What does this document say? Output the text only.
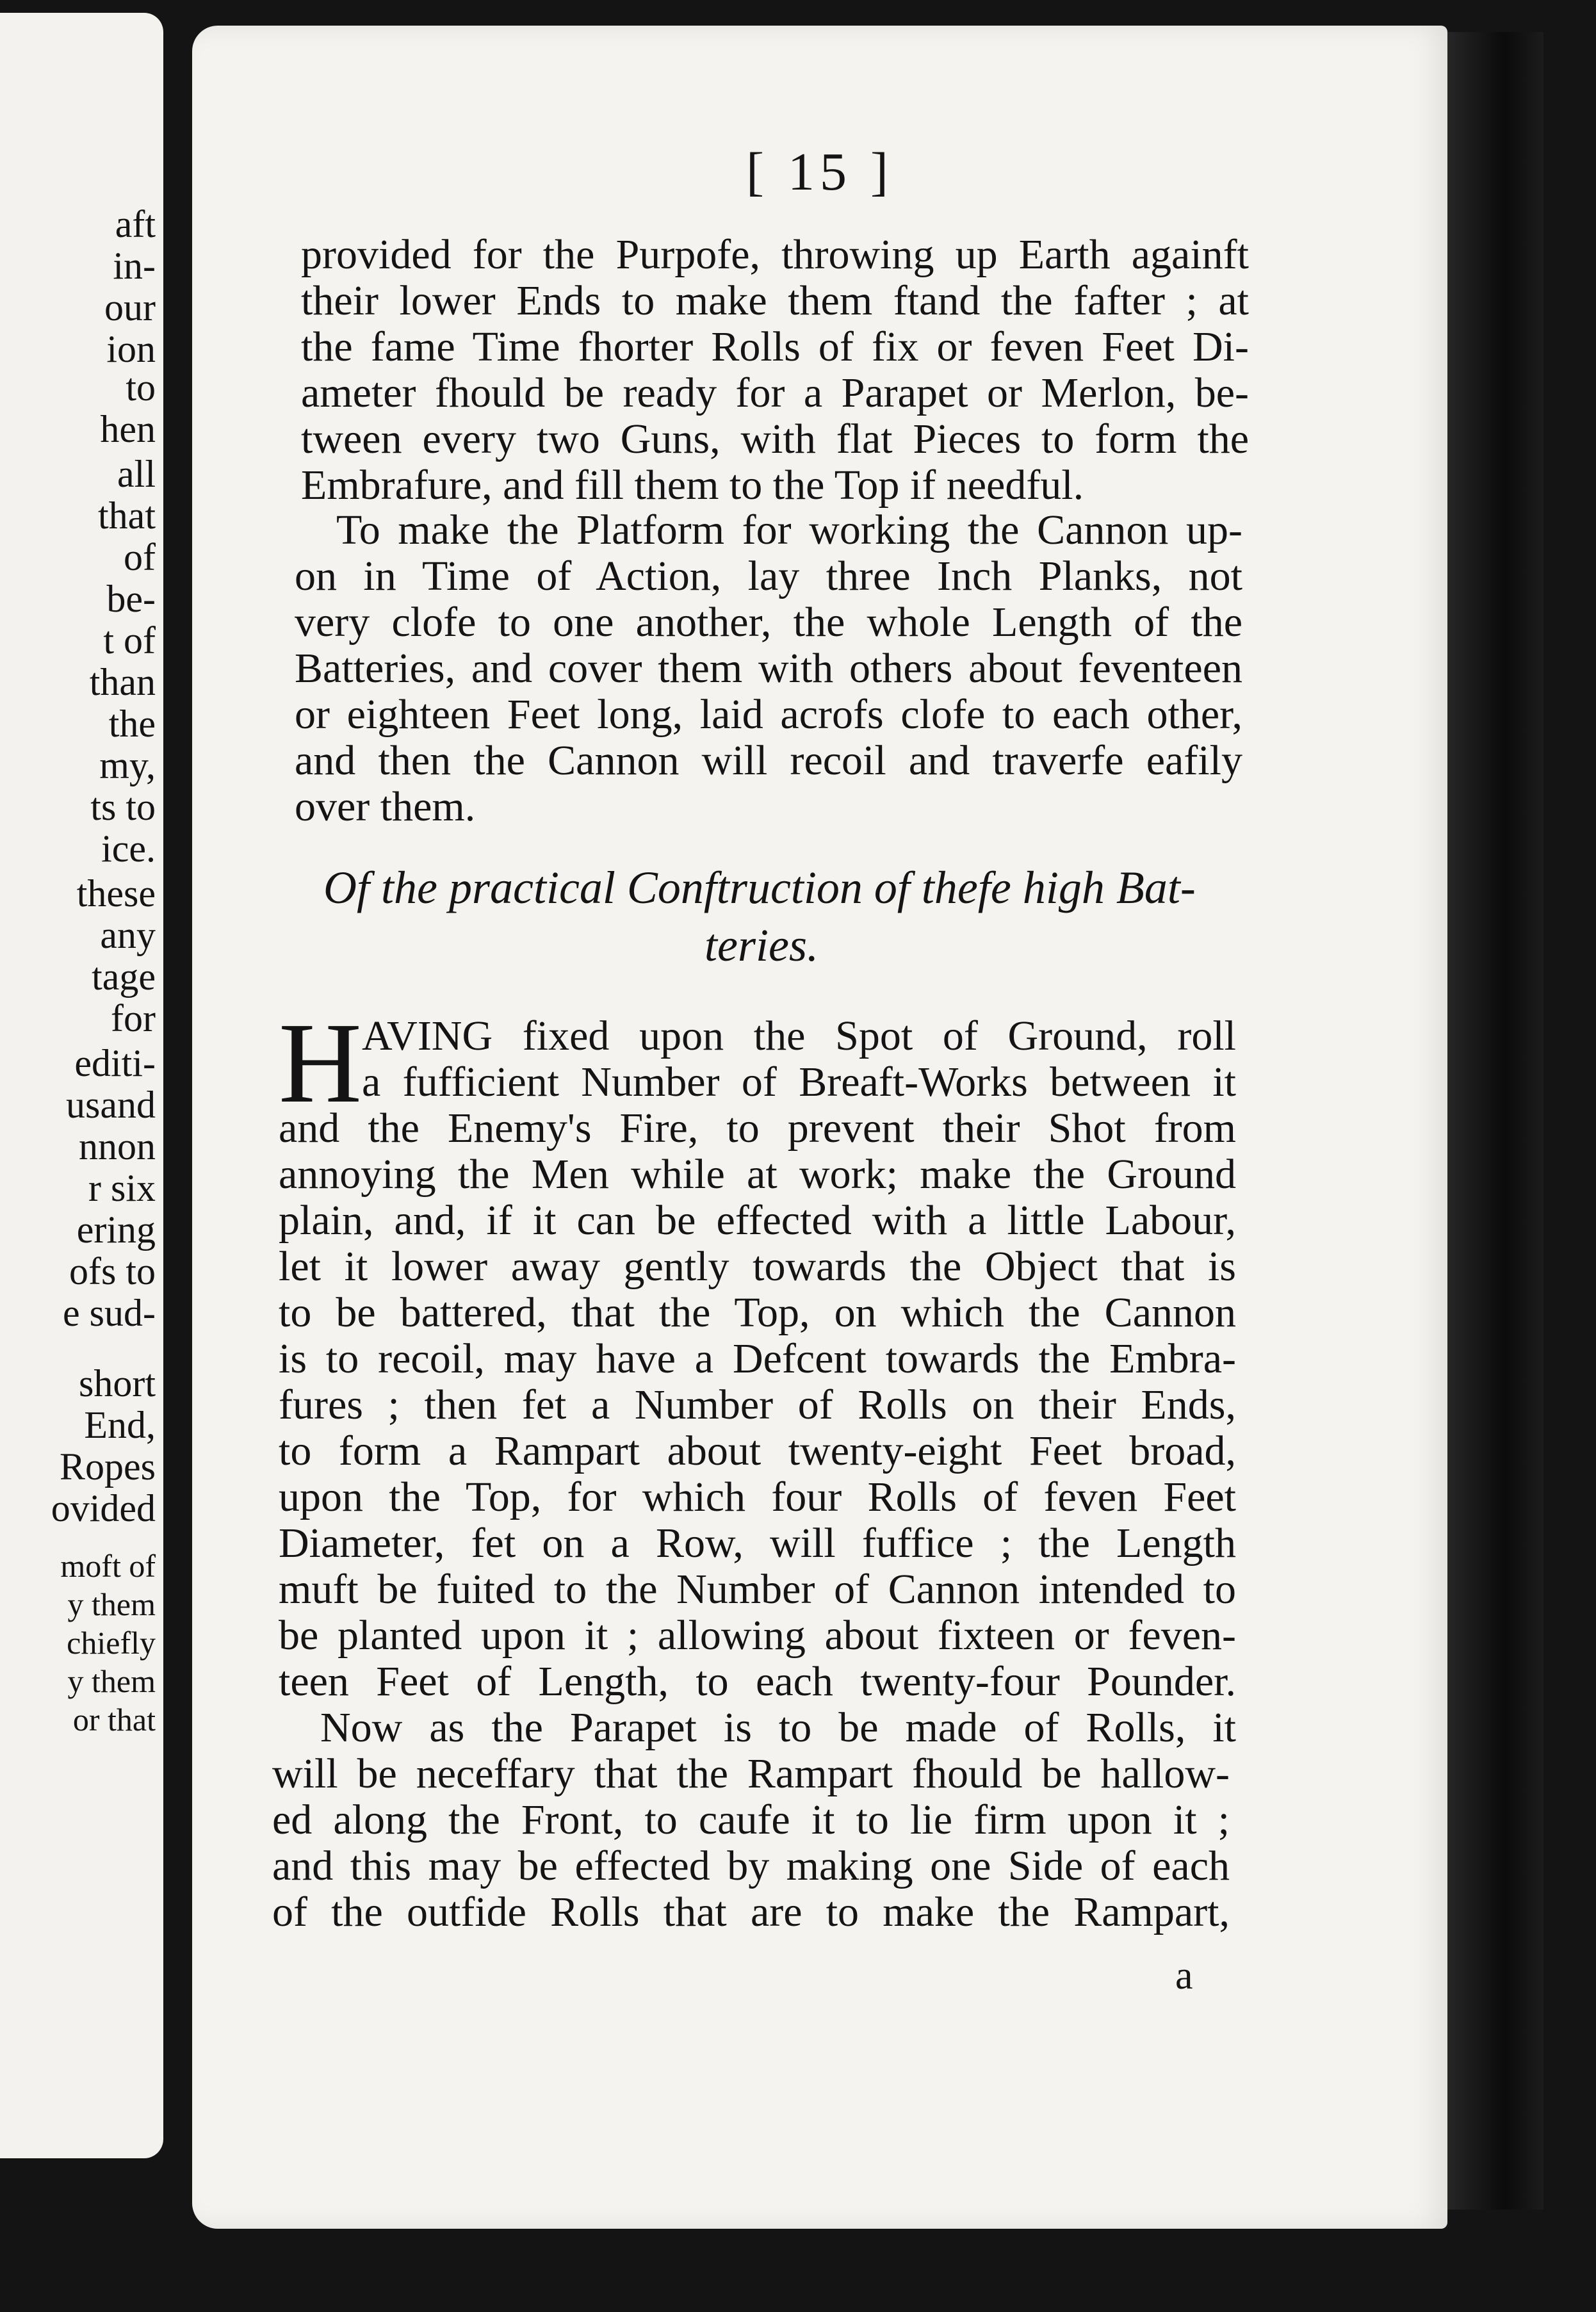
aft
in-
our
ion
to
hen
all
that
of
be-
t of
than
the
my,
ts to
ice.
these
any
tage
for
editi-
usand
nnon
r six
ering
ofs to
e sud-
short
End,
Ropes
ovided
moft of
y them
chiefly
y them
or that
[ 15 ]
H
a
provided for the Purpofe, throwing up Earth againft
their lower Ends to make them ftand the fafter ; at
the fame Time fhorter Rolls of fix or feven Feet Di-
ameter fhould be ready for a Parapet or Merlon, be-
tween every two Guns, with flat Pieces to form the
Embrafure, and fill them to the Top if needful.
To make the Platform for working the Cannon up-
on in Time of Action, lay three Inch Planks, not
very clofe to one another, the whole Length of the
Batteries, and cover them with others about feventeen
or eighteen Feet long, laid acrofs clofe to each other,
and then the Cannon will recoil and traverfe eafily
over them.
Of the practical Conftruction of thefe high Bat-
teries.
AVING fixed upon the Spot of Ground, roll
a fufficient Number of Breaft-Works between it
and the Enemy's Fire, to prevent their Shot from
annoying the Men while at work; make the Ground
plain, and, if it can be effected with a little Labour,
let it lower away gently towards the Object that is
to be battered, that the Top, on which the Cannon
is to recoil, may have a Defcent towards the Embra-
fures ; then fet a Number of Rolls on their Ends,
to form a Rampart about twenty-eight Feet broad,
upon the Top, for which four Rolls of feven Feet
Diameter, fet on a Row, will fuffice ; the Length
muft be fuited to the Number of Cannon intended to
be planted upon it ; allowing about fixteen or feven-
teen Feet of Length, to each twenty-four Pounder.
Now as the Parapet is to be made of Rolls, it
will be neceffary that the Rampart fhould be hallow-
ed along the Front, to caufe it to lie firm upon it ;
and this may be effected by making one Side of each
of the outfide Rolls that are to make the Rampart,
